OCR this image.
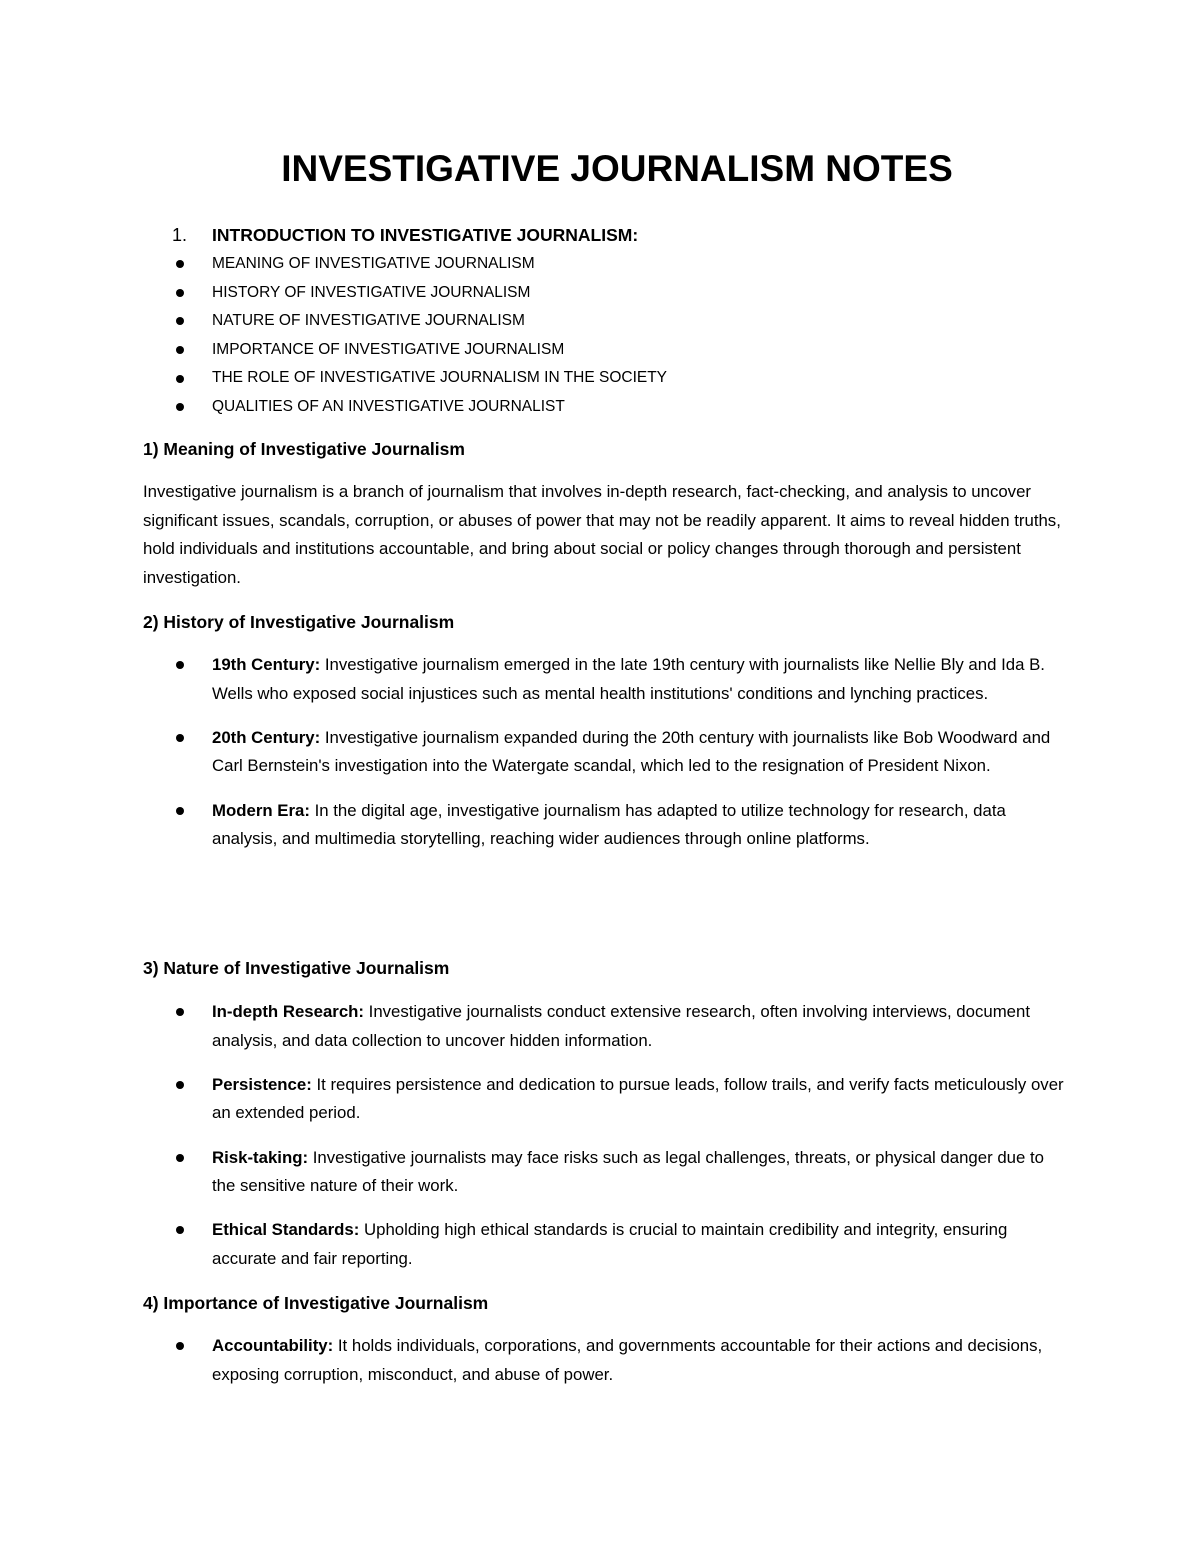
INVESTIGATIVE JOURNALISM NOTES
1.	INTRODUCTION TO INVESTIGATIVE JOURNALISM:
MEANING OF INVESTIGATIVE JOURNALISM
HISTORY OF INVESTIGATIVE JOURNALISM
NATURE OF INVESTIGATIVE JOURNALISM
IMPORTANCE OF INVESTIGATIVE JOURNALISM
THE ROLE OF INVESTIGATIVE JOURNALISM IN THE SOCIETY
QUALITIES OF AN INVESTIGATIVE JOURNALIST
1) Meaning of Investigative Journalism

Investigative journalism is a branch of journalism that involves in-depth research, fact-checking, and analysis to uncover significant issues, scandals, corruption, or abuses of power that may not be readily apparent. It aims to reveal hidden truths, hold individuals and institutions accountable, and bring about social or policy changes through thorough and persistent investigation.

2) History of Investigative Journalism
19th Century: Investigative journalism emerged in the late 19th century with journalists like Nellie Bly and Ida B. Wells who exposed social injustices such as mental health institutions' conditions and lynching practices.
20th Century: Investigative journalism expanded during the 20th century with journalists like Bob Woodward and Carl Bernstein's investigation into the Watergate scandal, which led to the resignation of President Nixon.
Modern Era: In the digital age, investigative journalism has adapted to utilize technology for research, data analysis, and multimedia storytelling, reaching wider audiences through online platforms.
3) Nature of Investigative Journalism
In-depth Research: Investigative journalists conduct extensive research, often involving interviews, document analysis, and data collection to uncover hidden information.
Persistence: It requires persistence and dedication to pursue leads, follow trails, and verify facts meticulously over an extended period.
Risk-taking: Investigative journalists may face risks such as legal challenges, threats, or physical danger due to the sensitive nature of their work.
Ethical Standards: Upholding high ethical standards is crucial to maintain credibility and integrity, ensuring accurate and fair reporting.
4) Importance of Investigative Journalism
Accountability: It holds individuals, corporations, and governments accountable for their actions and decisions, exposing corruption, misconduct, and abuse of power.
